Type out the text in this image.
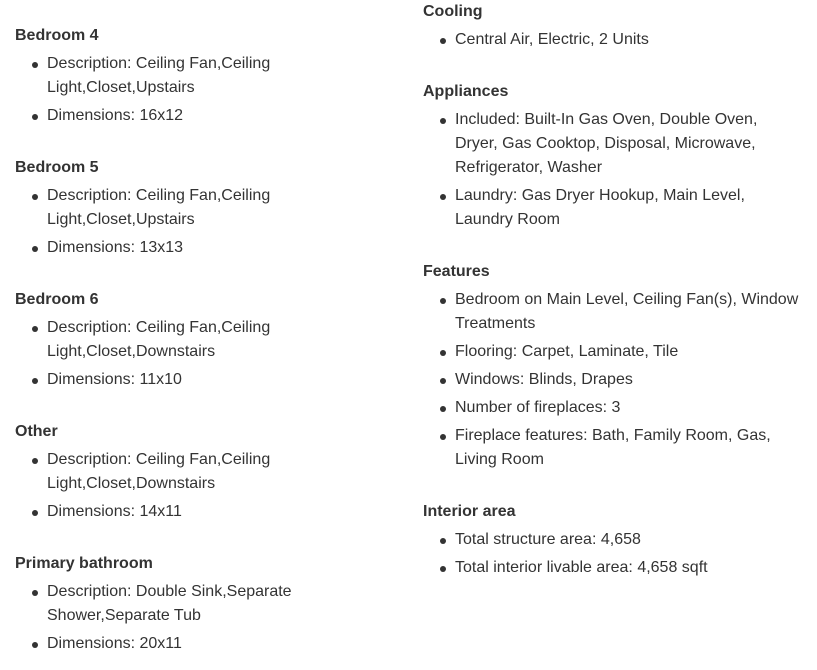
Bedroom 4
Description: Ceiling Fan,Ceiling Light,Closet,Upstairs
Dimensions: 16x12
Bedroom 5
Description: Ceiling Fan,Ceiling Light,Closet,Upstairs
Dimensions: 13x13
Bedroom 6
Description: Ceiling Fan,Ceiling Light,Closet,Downstairs
Dimensions: 11x10
Other
Description: Ceiling Fan,Ceiling Light,Closet,Downstairs
Dimensions: 14x11
Primary bathroom
Description: Double Sink,Separate Shower,Separate Tub
Dimensions: 20x11
Cooling
Central Air, Electric, 2 Units
Appliances
Included: Built-In Gas Oven, Double Oven, Dryer, Gas Cooktop, Disposal, Microwave, Refrigerator, Washer
Laundry: Gas Dryer Hookup, Main Level, Laundry Room
Features
Bedroom on Main Level, Ceiling Fan(s), Window Treatments
Flooring: Carpet, Laminate, Tile
Windows: Blinds, Drapes
Number of fireplaces: 3
Fireplace features: Bath, Family Room, Gas, Living Room
Interior area
Total structure area: 4,658
Total interior livable area: 4,658 sqft
